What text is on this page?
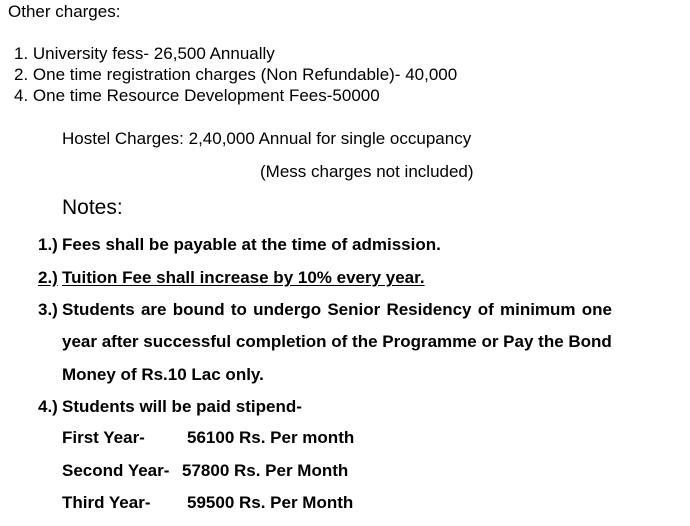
Other charges:
1. University fess- 26,500 Annually
2. One time registration charges (Non Refundable)- 40,000
4. One time Resource Development Fees-50000
Hostel Charges: 2,40,000 Annual for single occupancy
(Mess charges not included)
Notes:
1.) Fees shall be payable at the time of admission.
2.) Tuition Fee shall increase by 10% every year.
3.) Students are bound to undergo Senior Residency of minimum one
year after successful completion of the Programme or Pay the Bond
Money of Rs.10 Lac only.
4.) Students will be paid stipend-
First Year- 56100 Rs. Per month
Second Year- 57800 Rs. Per Month
Third Year- 59500 Rs. Per Month
